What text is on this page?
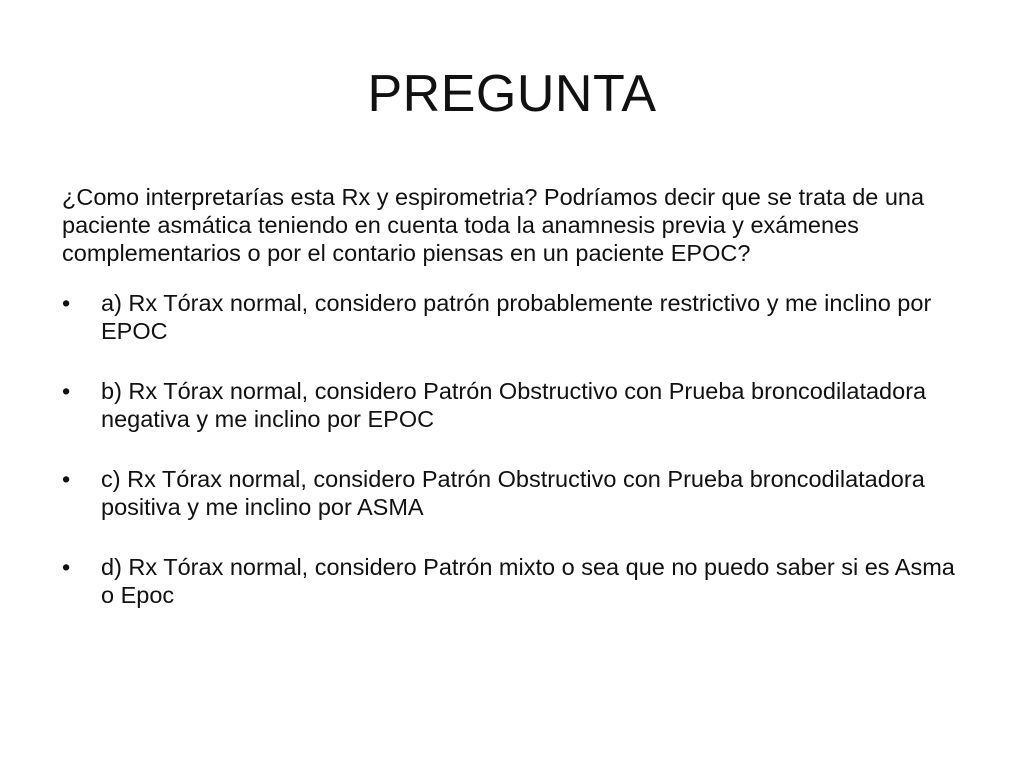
PREGUNTA

¿Como interpretarías esta Rx y espirometria? Podríamos decir que se trata de una paciente asmática teniendo en cuenta toda la anamnesis previa y exámenes complementarios o por el contario piensas en un paciente EPOC?

•	a) Rx Tórax normal, considero patrón probablemente restrictivo y me inclino por EPOC
•	b) Rx Tórax normal, considero Patrón Obstructivo con Prueba broncodilatadora negativa y me inclino por EPOC
•	c) Rx Tórax normal, considero Patrón Obstructivo con Prueba broncodilatadora positiva y me inclino por ASMA
•	d) Rx Tórax normal, considero Patrón mixto o sea que no puedo saber si es Asma o Epoc
